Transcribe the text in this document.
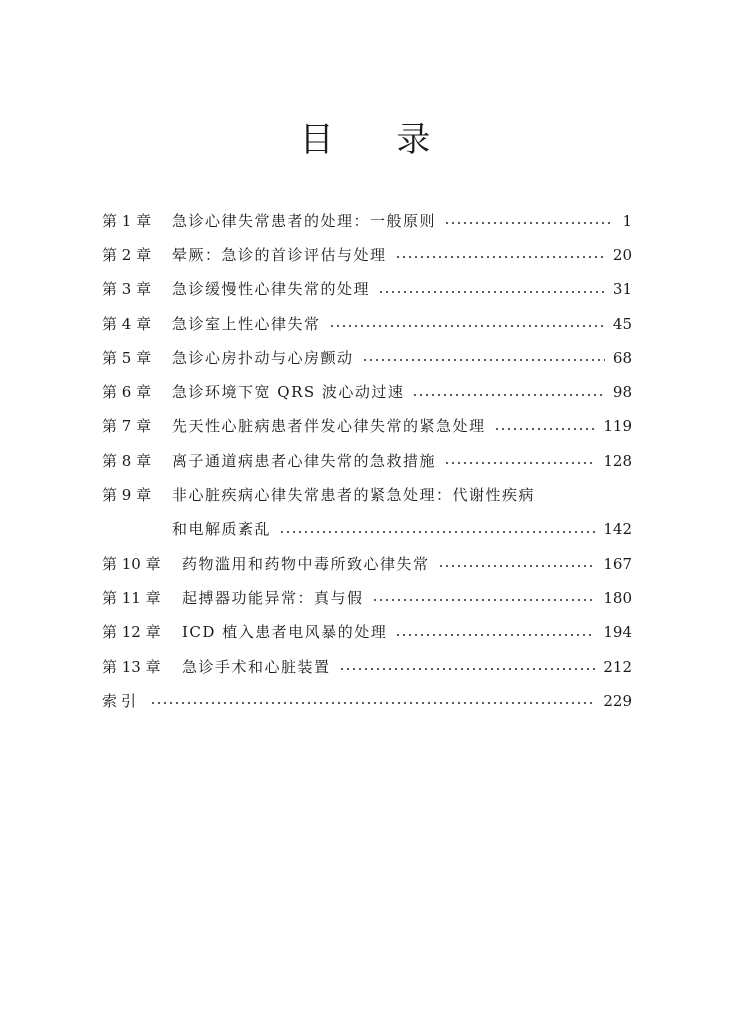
目 录
第 1 章	急诊心律失常患者的处理：一般原则	1
第 2 章	晕厥：急诊的首诊评估与处理	20
第 3 章	急诊缓慢性心律失常的处理	31
第 4 章	急诊室上性心律失常	45
第 5 章	急诊心房扑动与心房颤动	68
第 6 章	急诊环境下宽 QRS 波心动过速	98
第 7 章	先天性心脏病患者伴发心律失常的紧急处理	119
第 8 章	离子通道病患者心律失常的急救措施	128
第 9 章	非心脏疾病心律失常患者的紧急处理：代谢性疾病
和电解质紊乱	142
第 10 章	药物滥用和药物中毒所致心律失常	167
第 11 章	起搏器功能异常：真与假	180
第 12 章	ICD 植入患者电风暴的处理	194
第 13 章	急诊手术和心脏装置	212
索引	229
